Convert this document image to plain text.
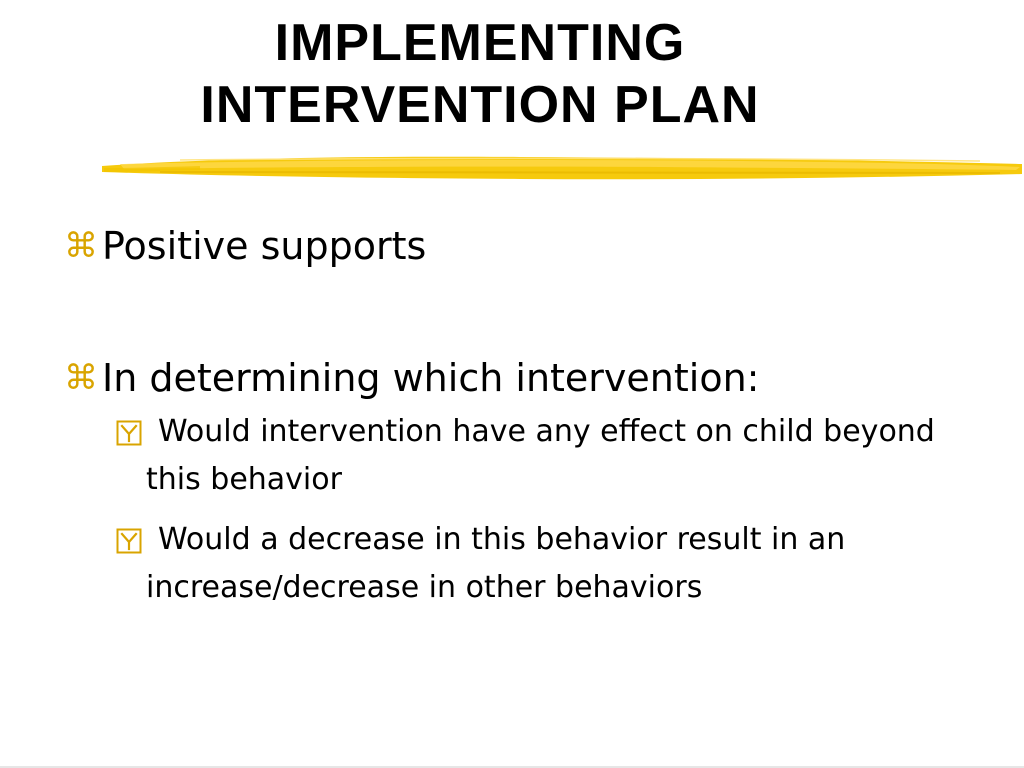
IMPLEMENTING
INTERVENTION PLAN
⌘ Positive supports
⌘ In determining which intervention:
Would intervention have any effect on child beyond this behavior
Would a decrease in this behavior result in an increase/decrease in other behaviors
